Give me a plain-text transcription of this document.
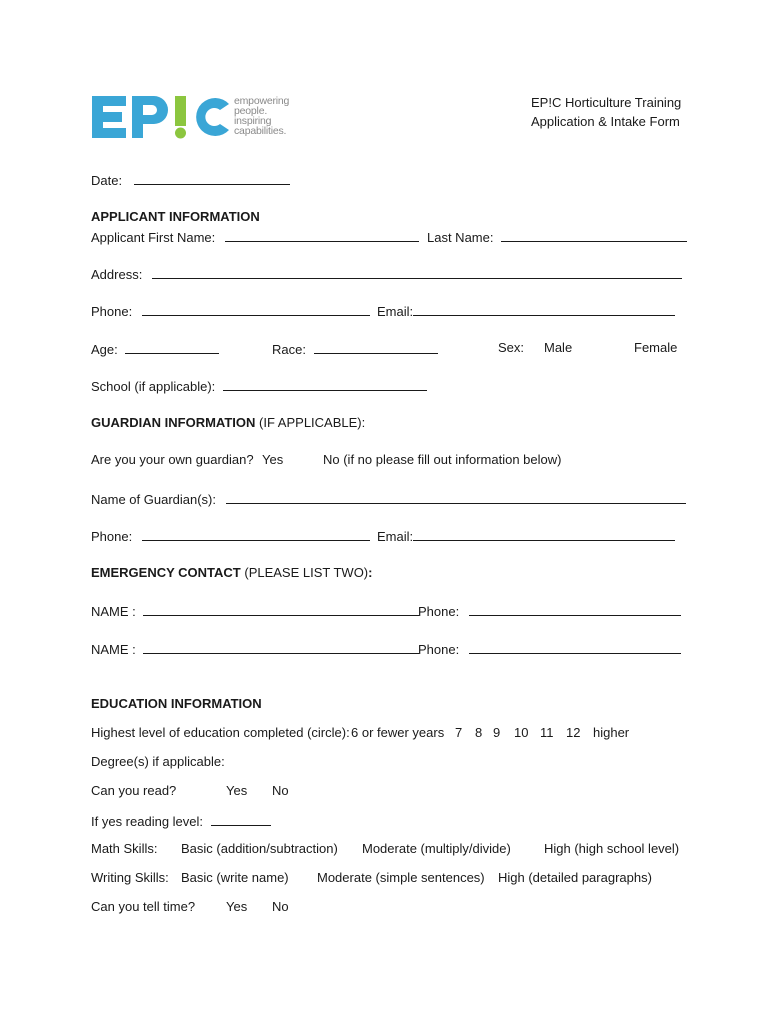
empowering
people.
inspiring
capabilities.
EP!C Horticulture Training
Application & Intake Form
Date:
APPLICANT INFORMATION
Applicant First Name:	Last Name:
Address:
Phone:	Email:
Age:	Race:	Sex: Male	Female
School (if applicable):
GUARDIAN INFORMATION (IF APPLICABLE):
Are you your own guardian? Yes	No (if no please fill out information below)
Name of Guardian(s):
Phone:	Email:
EMERGENCY CONTACT (PLEASE LIST TWO):
NAME :	Phone:
NAME :	Phone:
EDUCATION INFORMATION
Highest level of education completed (circle): 6 or fewer years 7 8 9 10 11 12 higher
Degree(s) if applicable:
Can you read?	Yes No
If yes reading level:
Math Skills: Basic (addition/subtraction) Moderate (multiply/divide)	High (high school level)
Writing Skills: Basic (write name) Moderate (simple sentences) High (detailed paragraphs)
Can you tell time? Yes No
